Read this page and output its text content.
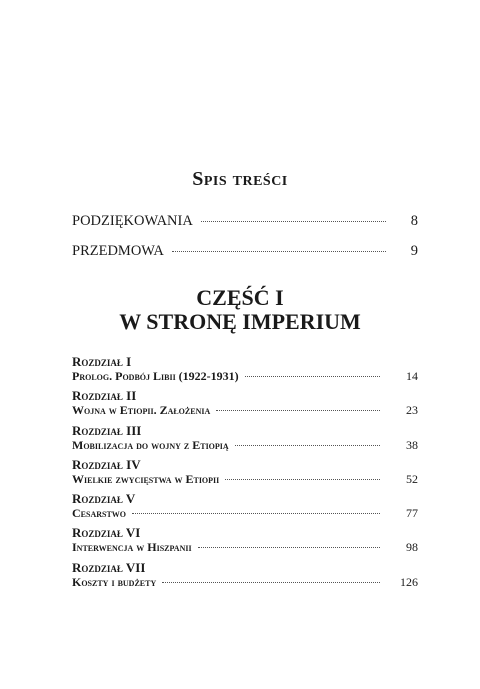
Spis treści
PODZIĘKOWANIA	8
PRZEDMOWA	9
CZĘŚĆ I
W STRONĘ IMPERIUM
Rozdział I
Prolog. Podbój Libii (1922-1931)	14
Rozdział II
Wojna w Etiopii. Założenia	23
Rozdział III
Mobilizacja do wojny z Etiopią	38
Rozdział IV
Wielkie zwycięstwa w Etiopii	52
Rozdział V
Cesarstwo	77
Rozdział VI
Interwencja w Hiszpanii	98
Rozdział VII
Koszty i budżety	126
